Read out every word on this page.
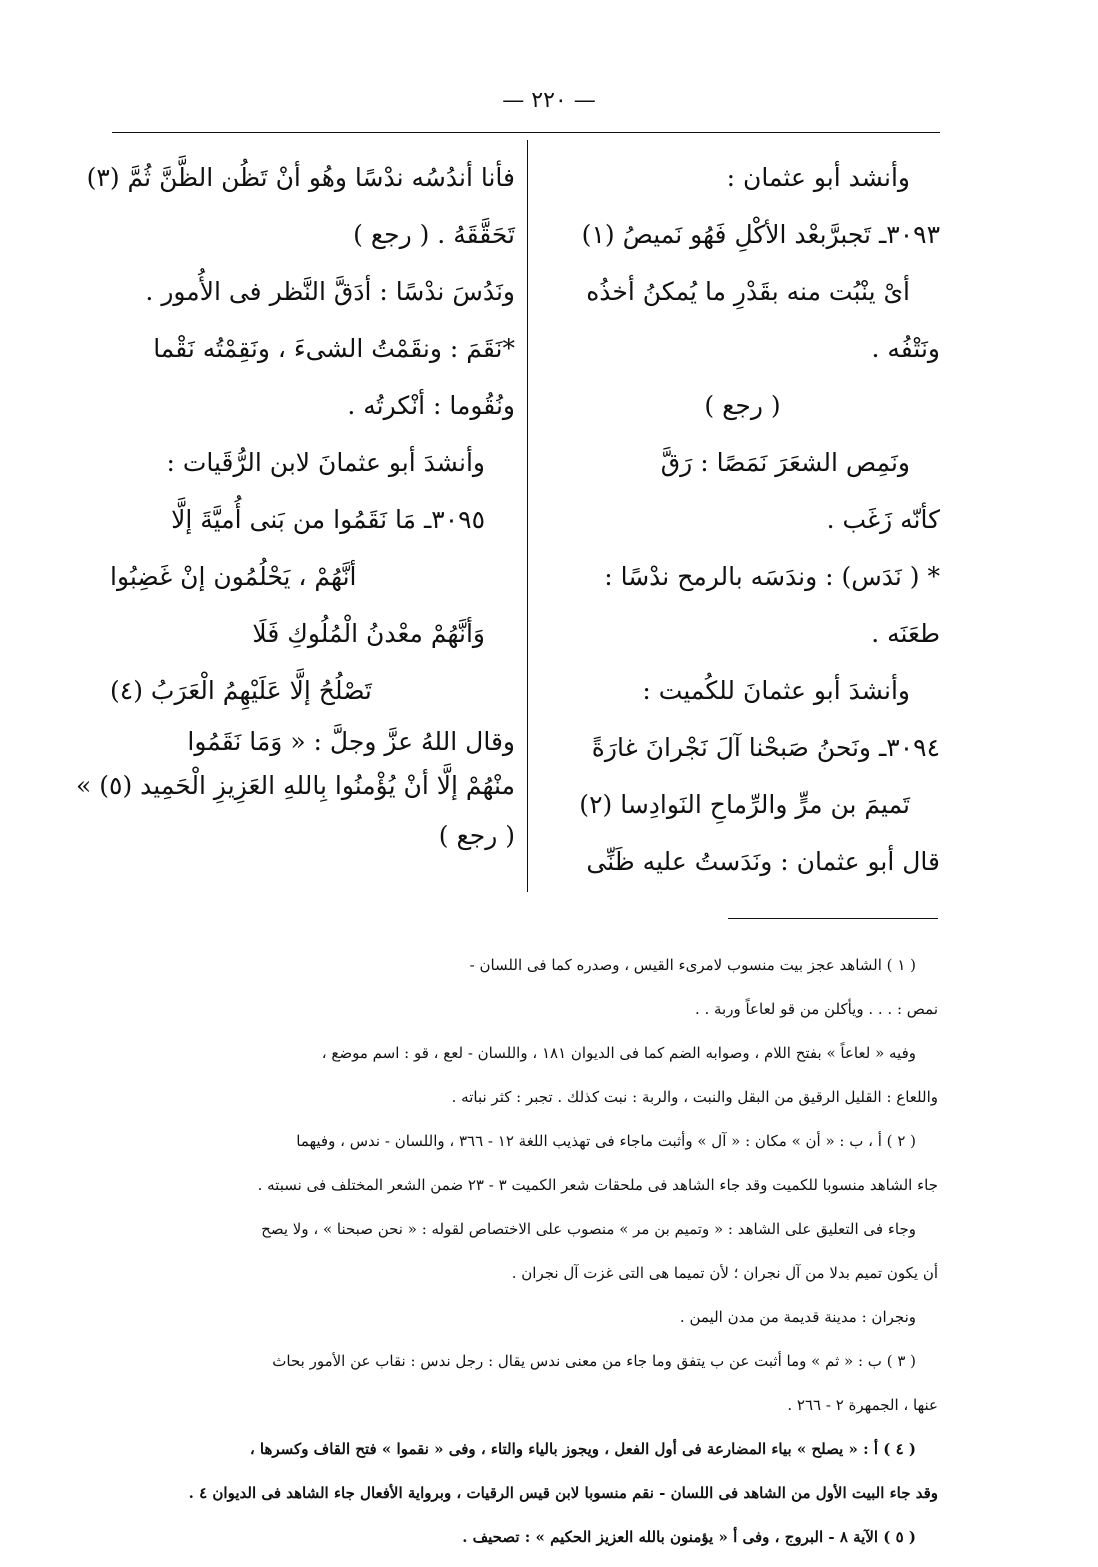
— ٢٢٠ —

وأنشد أبو عثمان :

٣٠٩٣ـ تَجبرَّبعْد الأكْلِ فَهُو نَميصُ (١)

أىْ ينْبُت منه بقَدْرِ ما يُمكنُ أخذُه

ونَتْفُه .

( رجع )

ونَمِص الشعَرَ نَمَصًا : رَقَّ

كأنّه زَغَب .

* ( نَدَس) : وندَسَه بالرمح ندْسًا :

طعَنَه .

وأنشدَ أبو عثمانَ للكُميت :

٣٠٩٤ـ ونَحنُ صَبحْنا آلَ نَجْرانَ غارَةً

تَميمَ بن مرٍّ والرِّماحِ النَوادِسا (٢)

قال أبو عثمان : ونَدَستُ عليه ظَنِّى

فأنا أندُسُه ندْسًا وهُو أنْ تَظُن الظَّنَّ ثُمَّ (٣)

تَحَقَّقَهُ . ( رجع )

ونَدُسَ ندْسًا : أدَقَّ النَّظر فى الأُمور .

*نَقَمَ : ونقَمْتُ الشىءَ ، ونَقِمْتُه نَقْما

ونُقُوما : أنْكرتُه .

وأنشدَ أبو عثمانَ لابن الرُّقَيات :

٣٠٩٥ـ مَا نَقَمُوا من بَنى أُميَّةَ إلَّا

أنَّهُمْ ، يَحْلُمُون إنْ غَضِبُوا

وَأنَّهُمْ معْدنُ الْمُلُوكِ فَلَا

تَصْلُحُ إلَّا عَلَيْهِمُ الْعَرَبُ (٤)

وقال اللهُ عزَّ وجلَّ : « وَمَا نَقَمُوا

منْهُمْ إلَّا أنْ يُؤْمنُوا بِاللهِ العَزِيزِ الْحَمِيد (٥) »

( رجع )

( ١ ) الشاهد عجز بيت منسوب لامرىء القيس ، وصدره كما فى اللسان -

نمص : . . . ويأكلن من قو لعاعاً وربة . .

وفيه « لعاعاً » بفتح اللام ، وصوابه الضم كما فى الديوان ١٨١ ، واللسان - لعع ، قو : اسم موضع ،

واللعاع : القليل الرقيق من البقل والنبت ، والربة : نبت كذلك . تجبر : كثر نباته .

( ٢ ) أ ، ب : « أن » مكان : « آل » وأثبت ماجاء فى تهذيب اللغة ١٢ - ٣٦٦ ، واللسان - ندس ، وفيهما

جاء الشاهد منسوبا للكميت وقد جاء الشاهد فى ملحقات شعر الكميت ٣ - ٢٣ ضمن الشعر المختلف فى نسبته .

وجاء فى التعليق على الشاهد : « وتميم بن مر » منصوب على الاختصاص لقوله : « نحن صبحنا » ، ولا يصح

أن يكون تميم بدلا من آل نجران ؛ لأن تميما هى التى غزت آل نجران .

ونجران : مدينة قديمة من مدن اليمن .

( ٣ ) ب : « ثم » وما أثبت عن ب يتفق وما جاء من معنى ندس يقال : رجل ندس : نقاب عن الأمور بحاث

عنها ، الجمهرة ٢ - ٢٦٦ .

( ٤ ) أ : « يصلح » بياء المضارعة فى أول الفعل ، ويجوز بالياء والتاء ، وفى « نقموا » فتح القاف وكسرها ،

وقد جاء البيت الأول من الشاهد فى اللسان - نقم منسوبا لابن قيس الرقيات ، وبرواية الأفعال جاء الشاهد فى الديوان ٤ .

( ٥ ) الآية ٨ - البروج ، وفى أ « يؤمنون بالله العزيز الحكيم » : تصحيف .
